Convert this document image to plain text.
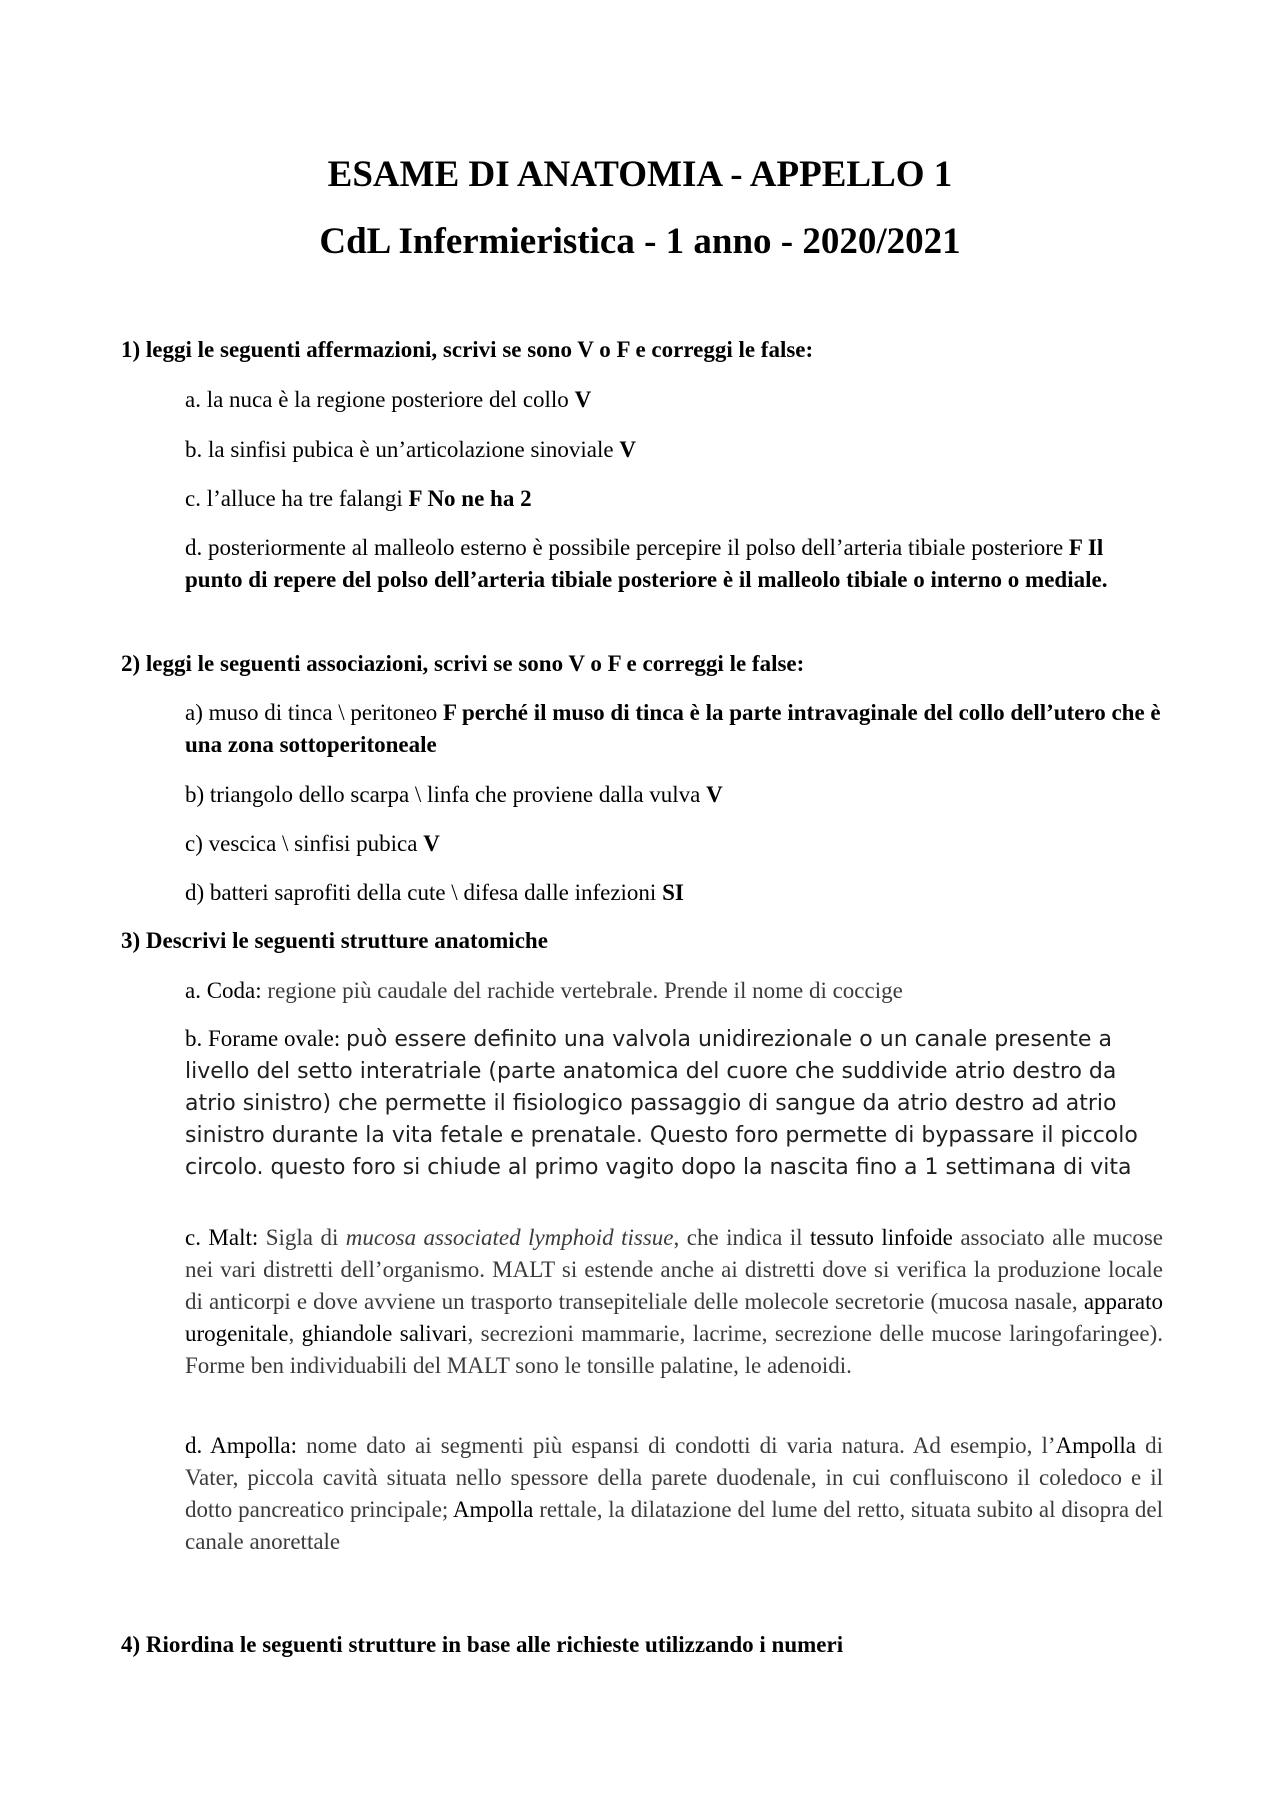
ESAME DI ANATOMIA - APPELLO 1
CdL Infermieristica - 1 anno - 2020/2021

1) leggi le seguenti affermazioni, scrivi se sono V o F e correggi le false:

a. la nuca è la regione posteriore del collo V

b. la sinfisi pubica è un’articolazione sinoviale V

c. l’alluce ha tre falangi F No ne ha 2

d. posteriormente al malleolo esterno è possibile percepire il polso dell’arteria tibiale posteriore F Il punto di repere del polso dell’arteria tibiale posteriore è il malleolo tibiale o interno o mediale.

2) leggi le seguenti associazioni, scrivi se sono V o F e correggi le false:

a) muso di tinca \ peritoneo F perché il muso di tinca è la parte intravaginale del collo dell’utero che è una zona sottoperitoneale

b) triangolo dello scarpa \ linfa che proviene dalla vulva V

c) vescica \ sinfisi pubica V

d) batteri saprofiti della cute \ difesa dalle infezioni SI

3) Descrivi le seguenti strutture anatomiche

a. Coda: regione più caudale del rachide vertebrale. Prende il nome di coccige

b. Forame ovale: può essere definito una valvola unidirezionale o un canale presente a livello del setto interatriale (parte anatomica del cuore che suddivide atrio destro da atrio sinistro) che permette il fisiologico passaggio di sangue da atrio destro ad atrio sinistro durante la vita fetale e prenatale. Questo foro permette di bypassare il piccolo circolo. questo foro si chiude al primo vagito dopo la nascita fino a 1 settimana di vita

c. Malt: Sigla di mucosa associated lymphoid tissue, che indica il tessuto linfoide associato alle mucose nei vari distretti dell’organismo. MALT si estende anche ai distretti dove si verifica la produzione locale di anticorpi e dove avviene un trasporto transepiteliale delle molecole secretorie (mucosa nasale, apparato urogenitale, ghiandole salivari, secrezioni mammarie, lacrime, secrezione delle mucose laringofaringee). Forme ben individuabili del MALT sono le tonsille palatine, le adenoidi.

d. Ampolla: nome dato ai segmenti più espansi di condotti di varia natura. Ad esempio, l’Ampolla di Vater, piccola cavità situata nello spessore della parete duodenale, in cui confluiscono il coledoco e il dotto pancreatico principale; Ampolla rettale, la dilatazione del lume del retto, situata subito al disopra del canale anorettale

4) Riordina le seguenti strutture in base alle richieste utilizzando i numeri
